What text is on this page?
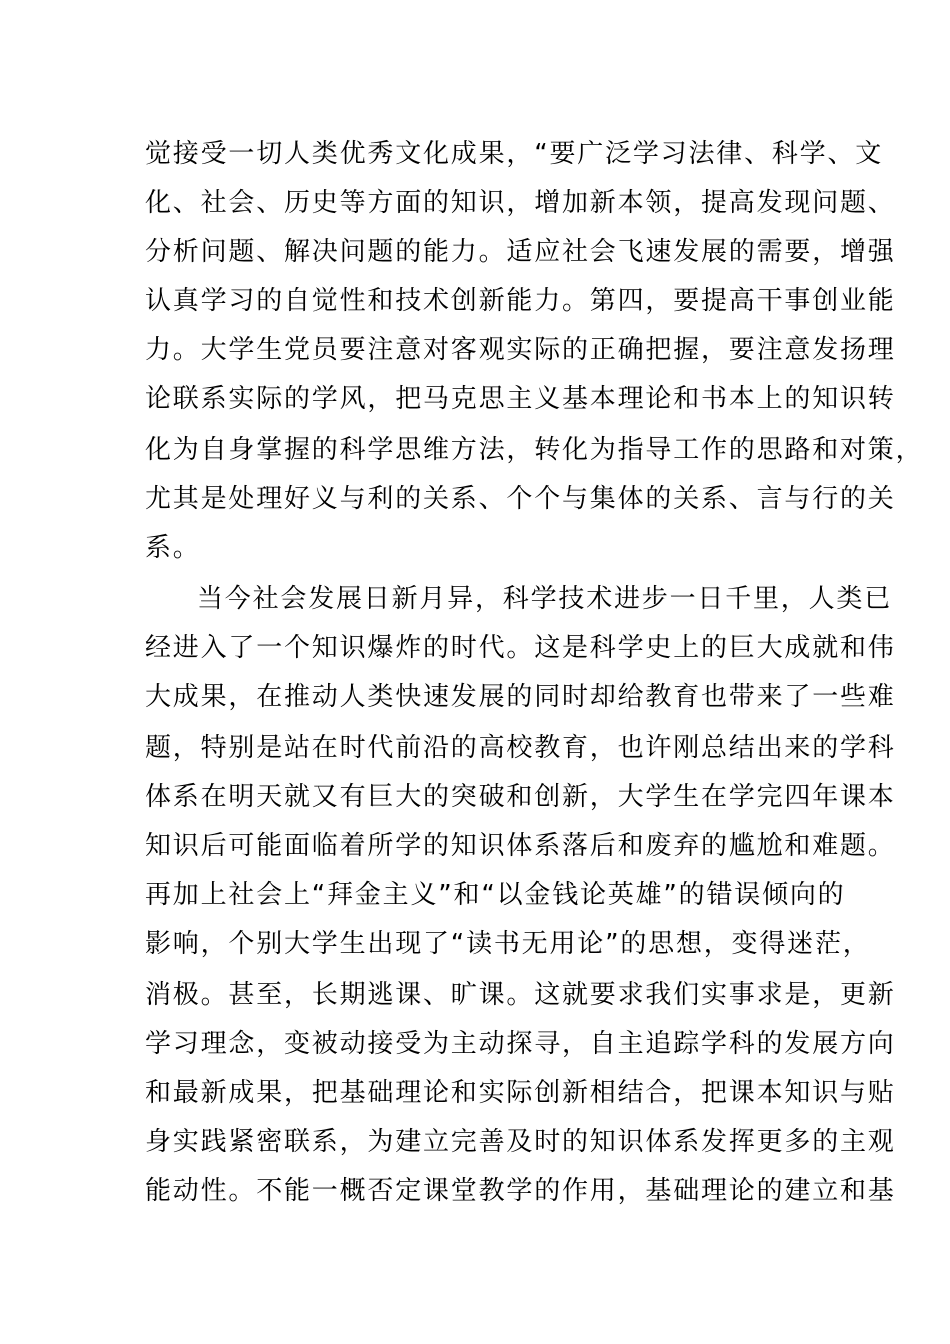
觉接受一切人类优秀文化成果，“要广泛学习法律、科学、文
化、社会、历史等方面的知识，增加新本领，提高发现问题、
分析问题、解决问题的能力。适应社会飞速发展的需要，增强
认真学习的自觉性和技术创新能力。第四，要提高干事创业能
力。大学生党员要注意对客观实际的正确把握，要注意发扬理
论联系实际的学风，把马克思主义基本理论和书本上的知识转
化为自身掌握的科学思维方法，转化为指导工作的思路和对策，
尤其是处理好义与利的关系、个个与集体的关系、言与行的关
系。
当今社会发展日新月异，科学技术进步一日千里，人类已
经进入了一个知识爆炸的时代。这是科学史上的巨大成就和伟
大成果，在推动人类快速发展的同时却给教育也带来了一些难
题，特别是站在时代前沿的高校教育，也许刚总结出来的学科
体系在明天就又有巨大的突破和创新，大学生在学完四年课本
知识后可能面临着所学的知识体系落后和废弃的尴尬和难题。
再加上社会上“拜金主义”和“以金钱论英雄”的错误倾向的
影响，个别大学生出现了“读书无用论”的思想，变得迷茫，
消极。甚至，长期逃课、旷课。这就要求我们实事求是，更新
学习理念，变被动接受为主动探寻，自主追踪学科的发展方向
和最新成果，把基础理论和实际创新相结合，把课本知识与贴
身实践紧密联系，为建立完善及时的知识体系发挥更多的主观
能动性。不能一概否定课堂教学的作用，基础理论的建立和基
